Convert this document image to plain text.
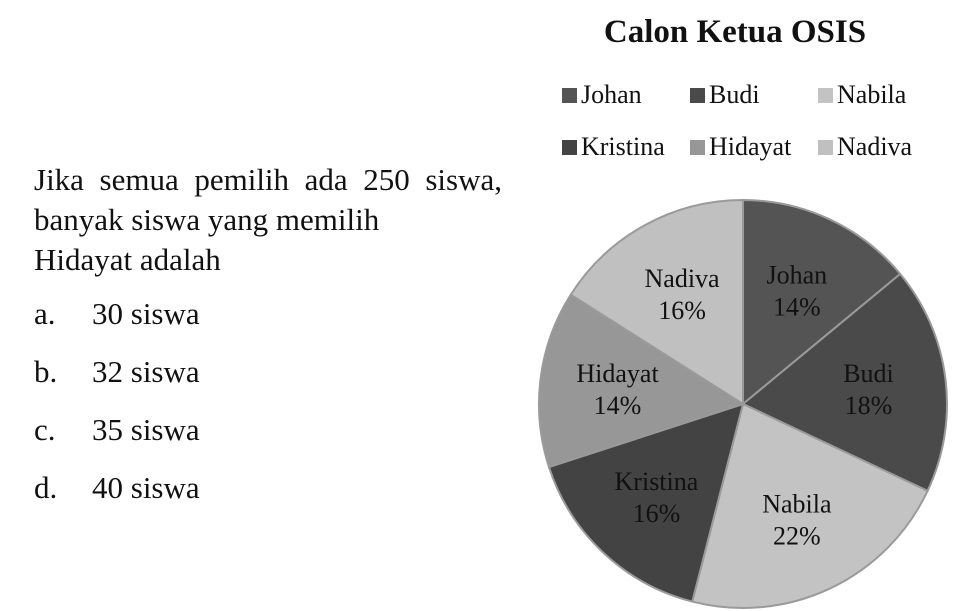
Jika semua pemilih ada 250 siswa, banyak siswa yang memilih
Hidayat adalah
a. 30 siswa
b. 32 siswa
c. 35 siswa
d. 40 siswa
Calon Ketua OSIS
Johan	Budi	Nabila
Kristina Hidayat Nadiva
Johan
14%
Budi
18%
Nabila
22%
Kristina
16%
Hidayat
14%
Nadiva
16%
